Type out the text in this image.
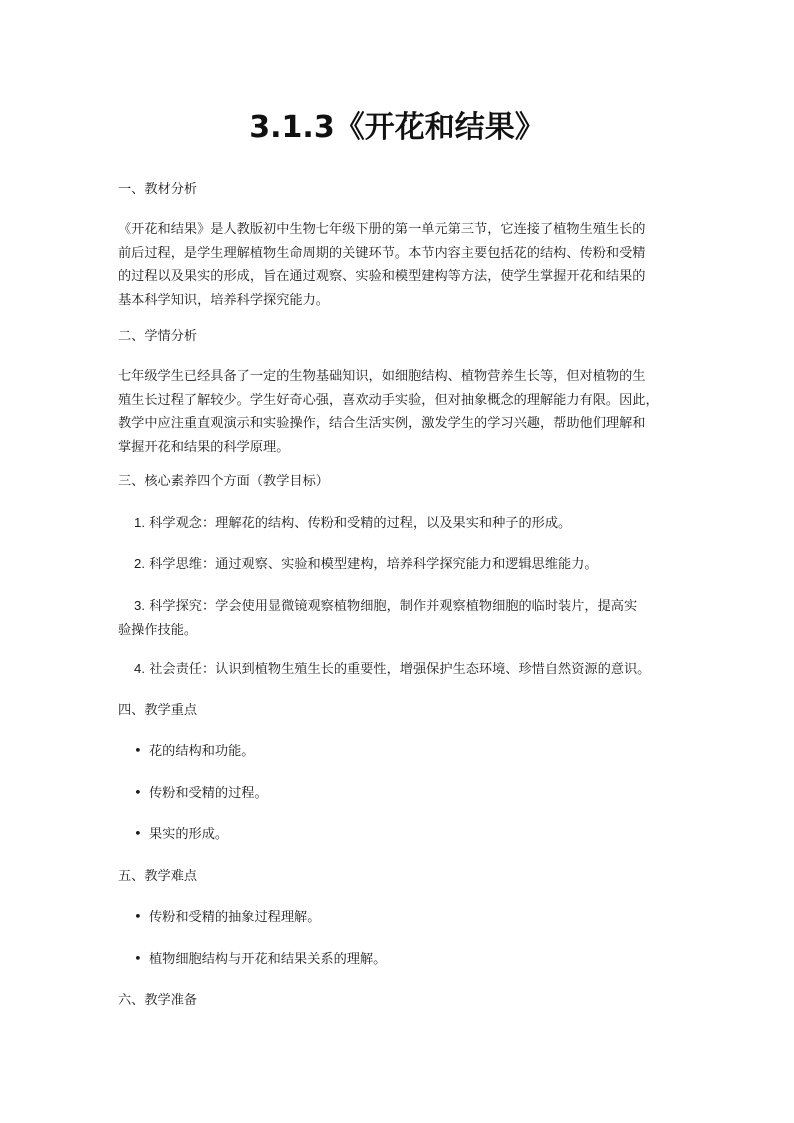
3.1.3《开花和结果》

一、教材分析

《开花和结果》是人教版初中生物七年级下册的第一单元第三节，它连接了植物生殖生长的
前后过程，是学生理解植物生命周期的关键环节。本节内容主要包括花的结构、传粉和受精
的过程以及果实的形成，旨在通过观察、实验和模型建构等方法，使学生掌握开花和结果的
基本科学知识，培养科学探究能力。

二、学情分析

七年级学生已经具备了一定的生物基础知识，如细胞结构、植物营养生长等，但对植物的生
殖生长过程了解较少。学生好奇心强，喜欢动手实验，但对抽象概念的理解能力有限。因此，
教学中应注重直观演示和实验操作，结合生活实例，激发学生的学习兴趣，帮助他们理解和
掌握开花和结果的科学原理。

三、核心素养四个方面（教学目标）

1. 科学观念：理解花的结构、传粉和受精的过程，以及果实和种子的形成。

2. 科学思维：通过观察、实验和模型建构，培养科学探究能力和逻辑思维能力。

3. 科学探究：学会使用显微镜观察植物细胞，制作并观察植物细胞的临时装片，提高实
验操作技能。

4. 社会责任：认识到植物生殖生长的重要性，增强保护生态环境、珍惜自然资源的意识。

四、教学重点

• 花的结构和功能。

• 传粉和受精的过程。

• 果实的形成。

五、教学难点

• 传粉和受精的抽象过程理解。

• 植物细胞结构与开花和结果关系的理解。

六、教学准备
